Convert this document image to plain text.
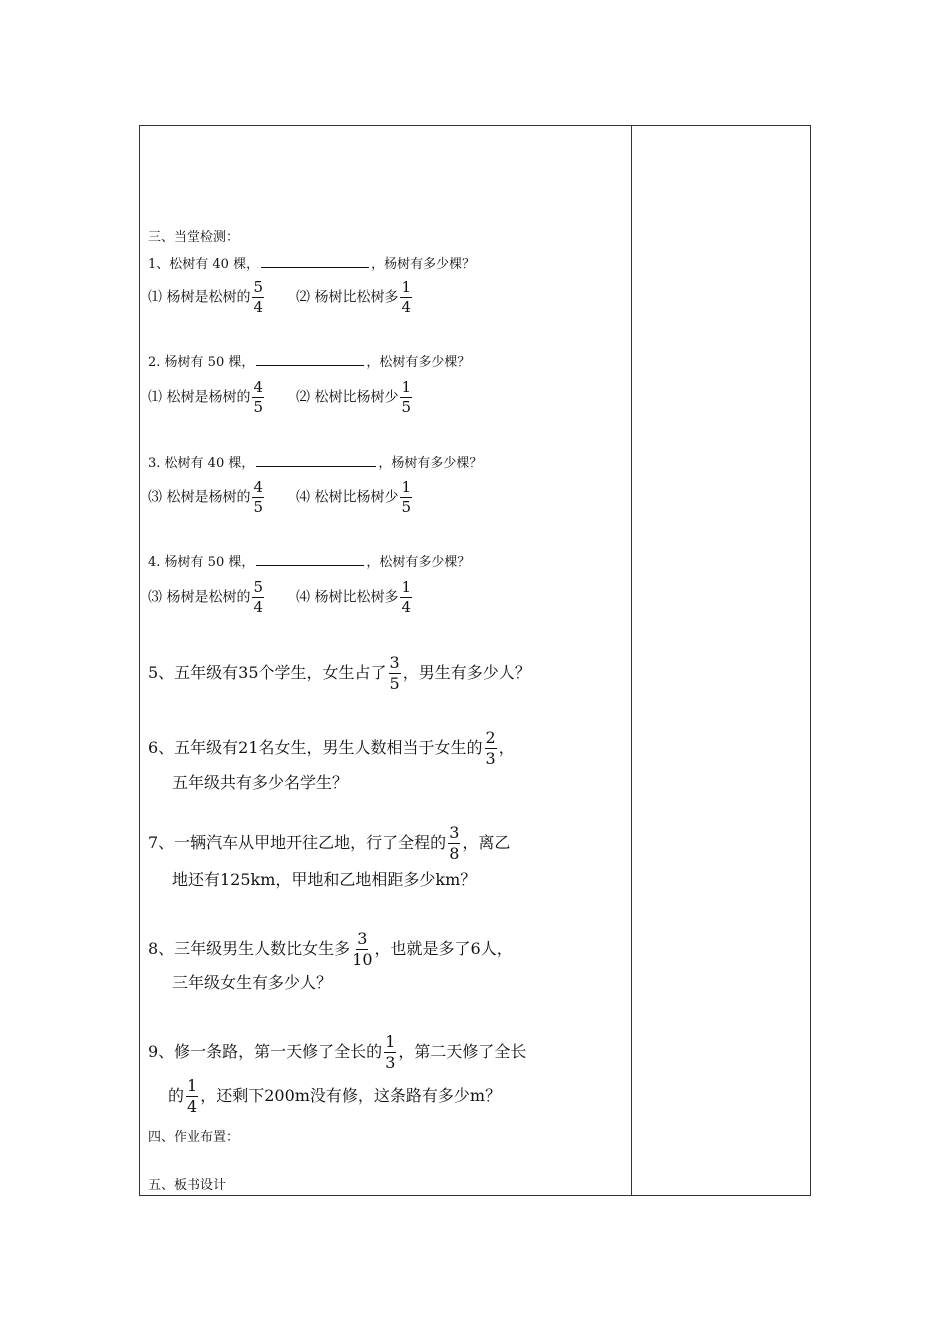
三、当堂检测：
1、松树有 40 棵，	，杨树有多少棵？
⑴ 杨树是松树的 $\frac{5}{4}$ ⑵ 杨树比松树多 $\frac{1}{4}$
2. 杨树有 50 棵，	，松树有多少棵？
⑴ 松树是杨树的 $\frac{4}{5}$ ⑵ 松树比杨树少 $\frac{1}{5}$
3. 松树有 40 棵，	，杨树有多少棵？
⑶ 松树是杨树的 $\frac{4}{5}$ ⑷ 松树比杨树少 $\frac{1}{5}$
4. 杨树有 50 棵，	，松树有多少棵？
⑶ 杨树是松树的 $\frac{5}{4}$ ⑷ 杨树比松树多 $\frac{1}{4}$
5、五年级有35个学生，女生占了 $\frac{3}{5}$ ，男生有多少人？
6、五年级有21名女生，男生人数相当于女生的 $\frac{2}{3}$ ，
五年级共有多少名学生？
7、一辆汽车从甲地开往乙地，行了全程的 $\frac{3}{8}$ ，离乙
地还有125km，甲地和乙地相距多少km？
8、三年级男生人数比女生多 $\frac{3}{10}$ ，也就是多了6人，
三年级女生有多少人？
9、修一条路，第一天修了全长的 $\frac{1}{3}$ ，第二天修了全长
的 $\frac{1}{4}$ ，还剩下200m没有修，这条路有多少m？
四、作业布置：
五、板书设计
